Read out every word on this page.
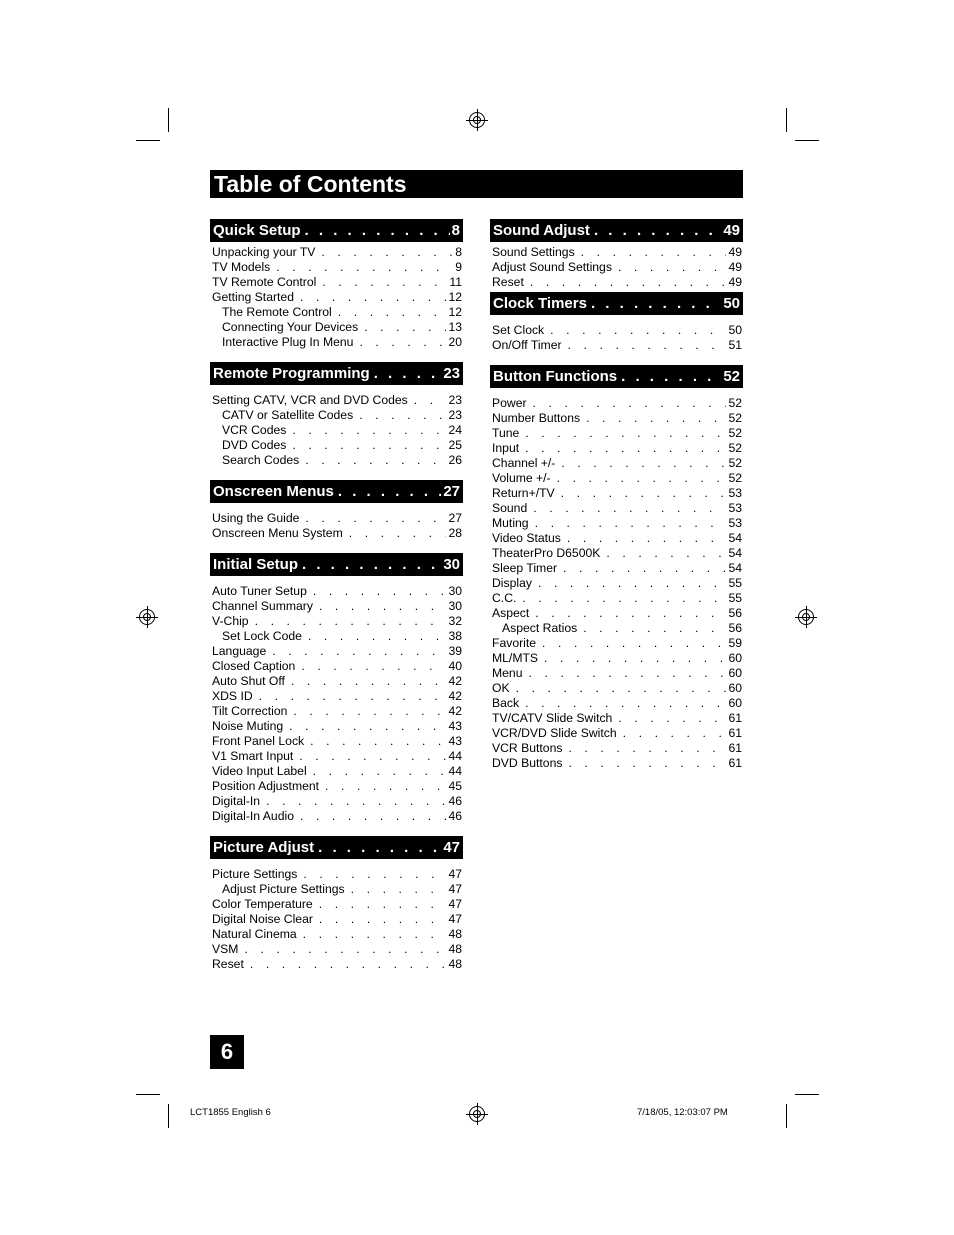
Table of Contents
Quick Setup . . .	8
Unpacking your TV . . .	8
TV Models . . .	9
TV Remote Control . . .	11
Getting Started . . .	12
The Remote Control . . .	12
Connecting Your Devices . . .	13
Interactive Plug In Menu . . .	20
Remote Programming . . .	23
Setting CATV, VCR and DVD Codes . . .	23
CATV or Satellite Codes . . .	23
VCR Codes . . .	24
DVD Codes . . .	25
Search Codes . . .	26
Onscreen Menus . . .	27
Using the Guide . . .	27
Onscreen Menu System . . .	28
Initial Setup . . .	30
Auto Tuner Setup . . .	30
Channel Summary . . .	30
V-Chip . . .	32
Set Lock Code . . .	38
Language . . .	39
Closed Caption . . .	40
Auto Shut Off . . .	42
XDS ID . . .	42
Tilt Correction . . .	42
Noise Muting . . .	43
Front Panel Lock . . .	43
V1 Smart Input . . .	44
Video Input Label . . .	44
Position Adjustment . . .	45
Digital-In . . .	46
Digital-In Audio . . .	46
Picture Adjust . . .	47
Picture Settings . . .	47
Adjust Picture Settings . . .	47
Color Temperature . . .	47
Digital Noise Clear . . .	47
Natural Cinema . . .	48
VSM . . .	48
Reset . . .	48
Sound Adjust . . .	49
Sound Settings . . .	49
Adjust Sound Settings . . .	49
Reset . . .	49
Clock Timers . . .	50
Set Clock . . .	50
On/Off Timer . . .	51
Button Functions . . .	52
Power . . .	52
Number Buttons . . .	52
Tune . . .	52
Input . . .	52
Channel +/- . . .	52
Volume +/- . . .	52
Return+/TV . . .	53
Sound . . .	53
Muting . . .	53
Video Status . . .	54
TheaterPro D6500K . . .	54
Sleep Timer . . .	54
Display . . .	55
C.C. . . .	55
Aspect . . .	56
Aspect Ratios . . .	56
Favorite . . .	59
ML/MTS . . .	60
Menu . . .	60
OK . . .	60
Back . . .	60
TV/CATV Slide Switch . . .	61
VCR/DVD Slide Switch . . .	61
VCR Buttons . . .	61
DVD Buttons . . .	61
6
LCT1855 English 6	7/18/05, 12:03:07 PM
